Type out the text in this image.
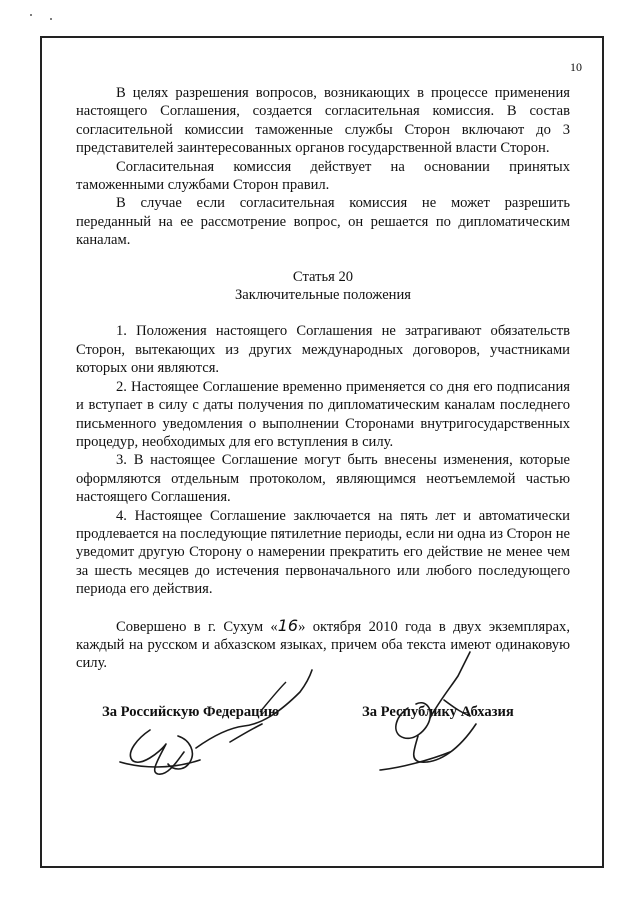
10

В целях разрешения вопросов, возникающих в процессе применения настоящего Соглашения, создается согласительная комиссия. В состав согласительной комиссии таможенные службы Сторон включают до 3 представителей заинтересованных органов государственной власти Сторон.

Согласительная комиссия действует на основании принятых таможенными службами Сторон правил.

В случае если согласительная комиссия не может разрешить переданный на ее рассмотрение вопрос, он решается по дипломатическим каналам.

Статья 20

Заключительные положения

1. Положения настоящего Соглашения не затрагивают обязательств Сторон, вытекающих из других международных договоров, участниками которых они являются.

2. Настоящее Соглашение временно применяется со дня его подписания и вступает в силу с даты получения по дипломатическим каналам последнего письменного уведомления о выполнении Сторонами внутригосударственных процедур, необходимых для его вступления в силу.

3. В настоящее Соглашение могут быть внесены изменения, которые оформляются отдельным протоколом, являющимся неотъемлемой частью настоящего Соглашения.

4. Настоящее Соглашение заключается на пять лет и автоматически продлевается на последующие пятилетние периоды, если ни одна из Сторон не уведомит другую Сторону о намерении прекратить его действие не менее чем за шесть месяцев до истечения первоначального или любого последующего периода его действия.

Совершено в г. Сухум «16» октября 2010 года в двух экземплярах, каждый на русском и абхазском языках, причем оба текста имеют одинаковую силу.

За Российскую Федерацию	За Республику Абхазия
